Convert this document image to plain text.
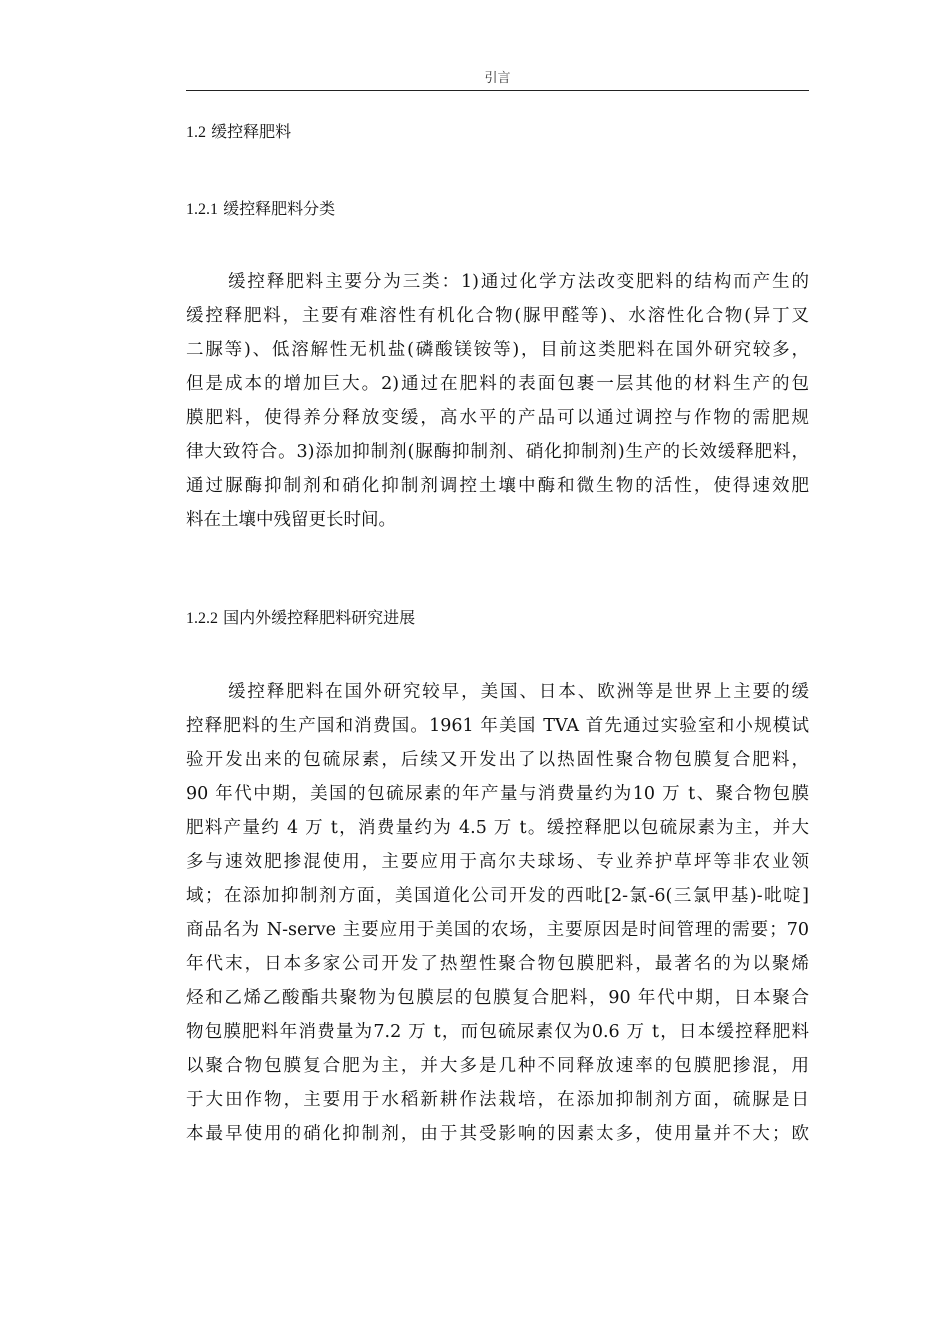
引言
1.2 缓控释肥料
1.2.1 缓控释肥料分类
缓控释肥料主要分为三类：1)通过化学方法改变肥料的结构而产生的
缓控释肥料，主要有难溶性有机化合物(脲甲醛等)、水溶性化合物(异丁叉
二脲等)、低溶解性无机盐(磷酸镁铵等)，目前这类肥料在国外研究较多，
但是成本的增加巨大。2)通过在肥料的表面包裹一层其他的材料生产的包
膜肥料，使得养分释放变缓，高水平的产品可以通过调控与作物的需肥规
律大致符合。3)添加抑制剂(脲酶抑制剂、硝化抑制剂)生产的长效缓释肥料，
通过脲酶抑制剂和硝化抑制剂调控土壤中酶和微生物的活性，使得速效肥
料在土壤中残留更长时间。
1.2.2 国内外缓控释肥料研究进展
缓控释肥料在国外研究较早，美国、日本、欧洲等是世界上主要的缓
控释肥料的生产国和消费国。1961 年美国 TVA 首先通过实验室和小规模试
验开发出来的包硫尿素，后续又开发出了以热固性聚合物包膜复合肥料，
90 年代中期，美国的包硫尿素的年产量与消费量约为10 万 t、聚合物包膜
肥料产量约 4 万 t，消费量约为 4.5 万 t。缓控释肥以包硫尿素为主，并大
多与速效肥掺混使用，主要应用于高尔夫球场、专业养护草坪等非农业领
域；在添加抑制剂方面，美国道化公司开发的西吡[2-氯-6(三氯甲基)-吡啶]
商品名为 N-serve 主要应用于美国的农场，主要原因是时间管理的需要；70
年代末，日本多家公司开发了热塑性聚合物包膜肥料，最著名的为以聚烯
烃和乙烯乙酸酯共聚物为包膜层的包膜复合肥料，90 年代中期，日本聚合
物包膜肥料年消费量为7.2 万 t，而包硫尿素仅为0.6 万 t，日本缓控释肥料
以聚合物包膜复合肥为主，并大多是几种不同释放速率的包膜肥掺混，用
于大田作物，主要用于水稻新耕作法栽培，在添加抑制剂方面，硫脲是日
本最早使用的硝化抑制剂，由于其受影响的因素太多，使用量并不大；欧
